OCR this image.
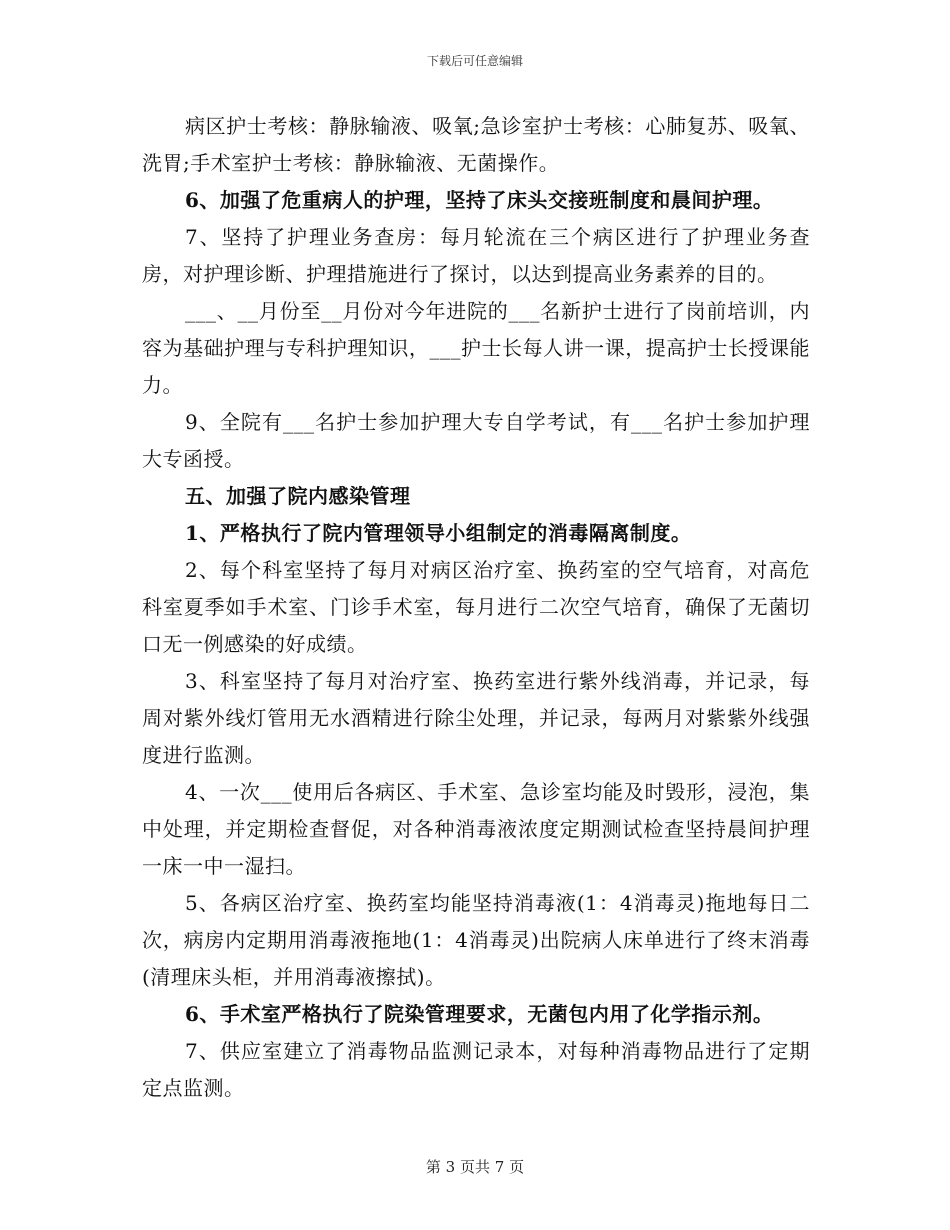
下载后可任意编辑

病区护士考核：静脉输液、吸氧;急诊室护士考核：心肺复苏、吸氧、洗胃;手术室护士考核：静脉输液、无菌操作。

6、加强了危重病人的护理，坚持了床头交接班制度和晨间护理。

7、坚持了护理业务查房：每月轮流在三个病区进行了护理业务查房，对护理诊断、护理措施进行了探讨，以达到提高业务素养的目的。

___、__月份至__月份对今年进院的___名新护士进行了岗前培训，内容为基础护理与专科护理知识，___护士长每人讲一课，提高护士长授课能力。

9、全院有___名护士参加护理大专自学考试，有___名护士参加护理大专函授。

五、加强了院内感染管理

1、严格执行了院内管理领导小组制定的消毒隔离制度。

2、每个科室坚持了每月对病区治疗室、换药室的空气培育，对高危科室夏季如手术室、门诊手术室，每月进行二次空气培育，确保了无菌切口无一例感染的好成绩。

3、科室坚持了每月对治疗室、换药室进行紫外线消毒，并记录，每周对紫外线灯管用无水酒精进行除尘处理，并记录，每两月对紫紫外线强度进行监测。

4、一次___使用后各病区、手术室、急诊室均能及时毁形，浸泡，集中处理，并定期检查督促，对各种消毒液浓度定期测试检查坚持晨间护理一床一中一湿扫。

5、各病区治疗室、换药室均能坚持消毒液(1：4消毒灵)拖地每日二次，病房内定期用消毒液拖地(1：4消毒灵)出院病人床单进行了终末消毒(清理床头柜，并用消毒液擦拭)。

6、手术室严格执行了院染管理要求，无菌包内用了化学指示剂。

7、供应室建立了消毒物品监测记录本，对每种消毒物品进行了定期定点监测。

第 3 页共 7 页
